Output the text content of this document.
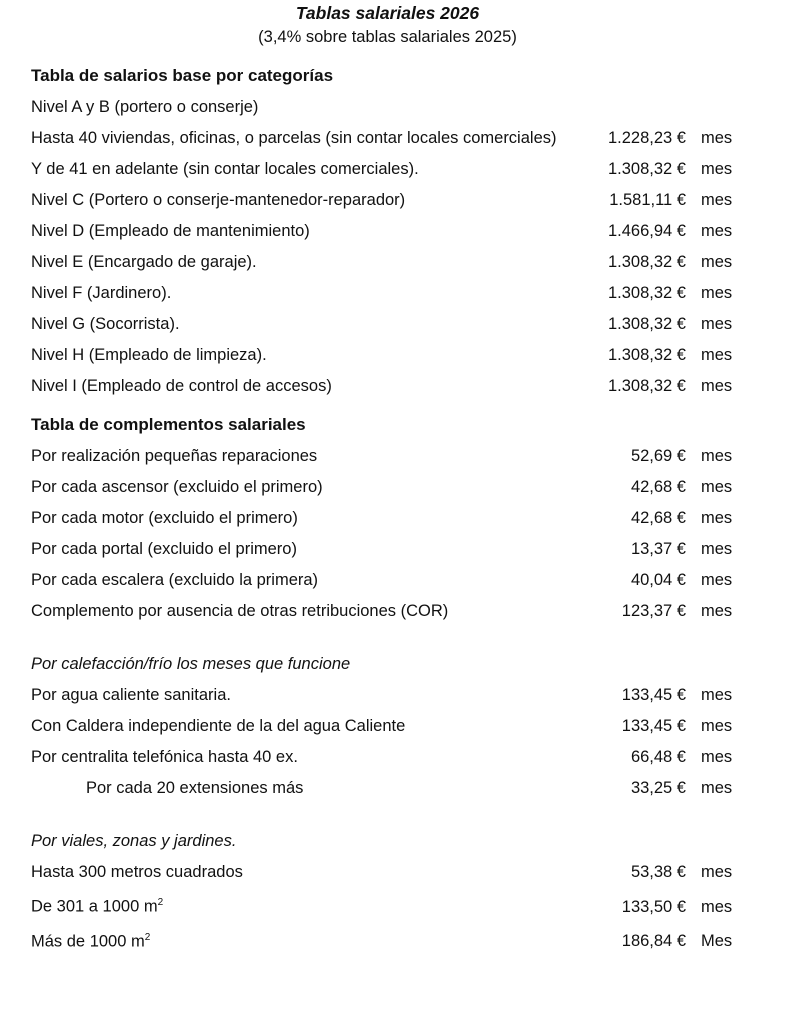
Tablas salariales 2026
(3,4% sobre tablas salariales 2025)
Tabla de salarios base por categorías
Nivel A y B (portero o conserje)
Hasta 40 viviendas, oficinas, o parcelas (sin contar locales comerciales)	1.228,23 € mes
Y de 41 en adelante (sin contar locales comerciales).	1.308,32 € mes
Nivel C (Portero o conserje-mantenedor-reparador)	1.581,11 € mes
Nivel D (Empleado de mantenimiento)	1.466,94 € mes
Nivel E (Encargado de garaje).	1.308,32 € mes
Nivel F (Jardinero).	1.308,32 € mes
Nivel G (Socorrista).	1.308,32 € mes
Nivel H (Empleado de limpieza).	1.308,32 € mes
Nivel I (Empleado de control de accesos)	1.308,32 € mes
Tabla de complementos salariales
Por realización pequeñas reparaciones	52,69 € mes
Por cada ascensor (excluido el primero)	42,68 € mes
Por cada motor (excluido el primero)	42,68 € mes
Por cada portal (excluido el primero)	13,37 € mes
Por cada escalera (excluido la primera)	40,04 € mes
Complemento por ausencia de otras retribuciones (COR)	123,37 € mes
Por calefacción/frío los meses que funcione
Por agua caliente sanitaria.	133,45 € mes
Con Caldera independiente de la del agua Caliente	133,45 € mes
Por centralita telefónica hasta 40 ex.	66,48 € mes
Por cada 20 extensiones más	33,25 € mes
Por viales, zonas y jardines.
Hasta 300 metros cuadrados	53,38 € mes
De 301 a 1000 $m^2$	133,50 € mes
Más de 1000 $m^2$	186,84 € Mes
